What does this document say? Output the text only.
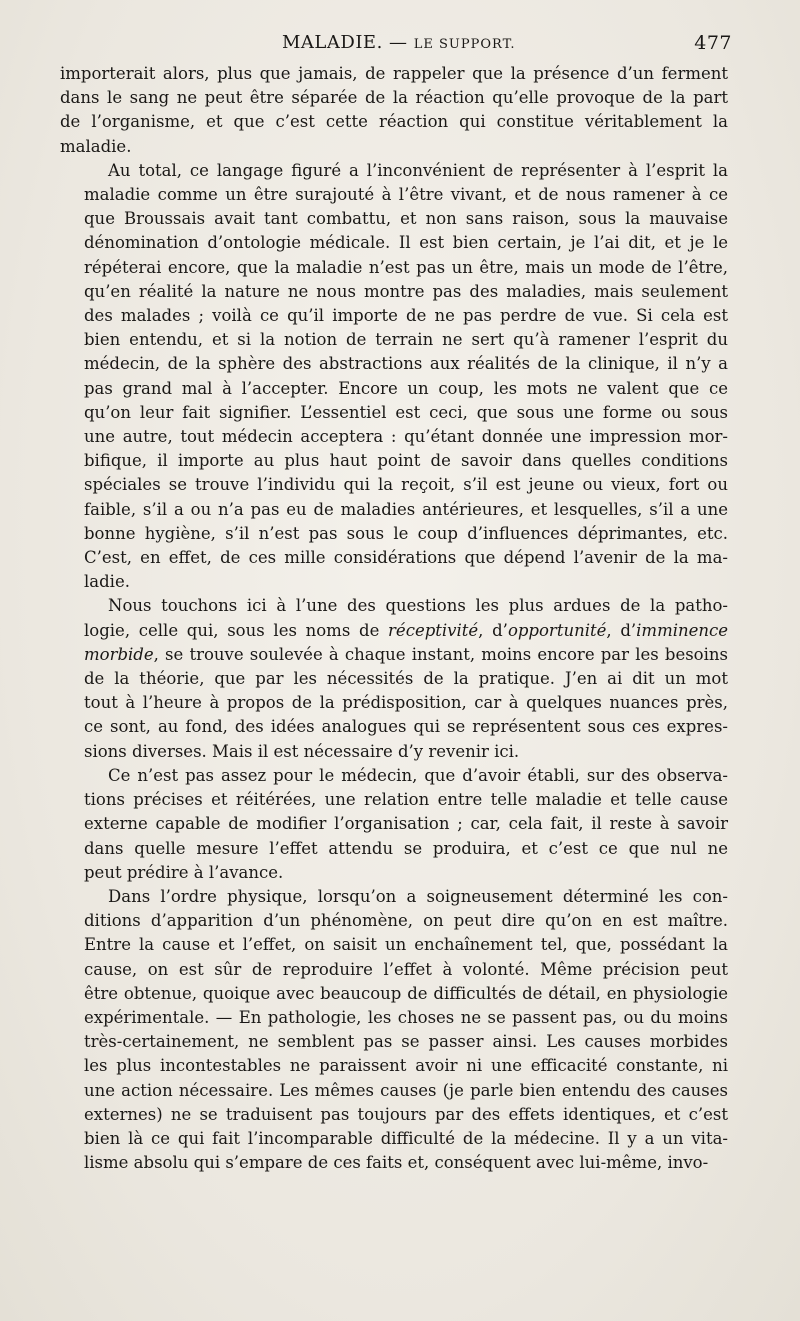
MALADIE. — LE SUPPORT.	477

importerait alors, plus que jamais, de rappeler que la présence d’un ferment
dans le sang ne peut être séparée de la réaction qu’elle provoque de la part
de l’organisme, et que c’est cette réaction qui constitue véritablement la
maladie.

Au total, ce langage figuré a l’inconvénient de représenter à l’esprit la
maladie comme un être surajouté à l’être vivant, et de nous ramener à ce
que Broussais avait tant combattu, et non sans raison, sous la mauvaise
dénomination d’ontologie médicale. Il est bien certain, je l’ai dit, et je le
répéterai encore, que la maladie n’est pas un être, mais un mode de l’être,
qu’en réalité la nature ne nous montre pas des maladies, mais seulement
des malades ; voilà ce qu’il importe de ne pas perdre de vue. Si cela est
bien entendu, et si la notion de terrain ne sert qu’à ramener l’esprit du
médecin, de la sphère des abstractions aux réalités de la clinique, il n’y a
pas grand mal à l’accepter. Encore un coup, les mots ne valent que ce
qu’on leur fait signifier. L’essentiel est ceci, que sous une forme ou sous
une autre, tout médecin acceptera : qu’étant donnée une impression mor-
bifique, il importe au plus haut point de savoir dans quelles conditions
spéciales se trouve l’individu qui la reçoit, s’il est jeune ou vieux, fort ou
faible, s’il a ou n’a pas eu de maladies antérieures, et lesquelles, s’il a une
bonne hygiène, s’il n’est pas sous le coup d’influences déprimantes, etc.
C’est, en effet, de ces mille considérations que dépend l’avenir de la ma-
ladie.

Nous touchons ici à l’une des questions les plus ardues de la patho-
logie, celle qui, sous les noms de réceptivité, d’opportunité, d’imminence
morbide, se trouve soulevée à chaque instant, moins encore par les besoins
de la théorie, que par les nécessités de la pratique. J’en ai dit un mot
tout à l’heure à propos de la prédisposition, car à quelques nuances près,
ce sont, au fond, des idées analogues qui se représentent sous ces expres-
sions diverses. Mais il est nécessaire d’y revenir ici.

Ce n’est pas assez pour le médecin, que d’avoir établi, sur des observa-
tions précises et réitérées, une relation entre telle maladie et telle cause
externe capable de modifier l’organisation ; car, cela fait, il reste à savoir
dans quelle mesure l’effet attendu se produira, et c’est ce que nul ne
peut prédire à l’avance.

Dans l’ordre physique, lorsqu’on a soigneusement déterminé les con-
ditions d’apparition d’un phénomène, on peut dire qu’on en est maître.
Entre la cause et l’effet, on saisit un enchaînement tel, que, possédant la
cause, on est sûr de reproduire l’effet à volonté. Même précision peut
être obtenue, quoique avec beaucoup de difficultés de détail, en physiologie
expérimentale. — En pathologie, les choses ne se passent pas, ou du moins
très-certainement, ne semblent pas se passer ainsi. Les causes morbides
les plus incontestables ne paraissent avoir ni une efficacité constante, ni
une action nécessaire. Les mêmes causes (je parle bien entendu des causes
externes) ne se traduisent pas toujours par des effets identiques, et c’est
bien là ce qui fait l’incomparable difficulté de la médecine. Il y a un vita-
lisme absolu qui s’empare de ces faits et, conséquent avec lui-même, invo-
